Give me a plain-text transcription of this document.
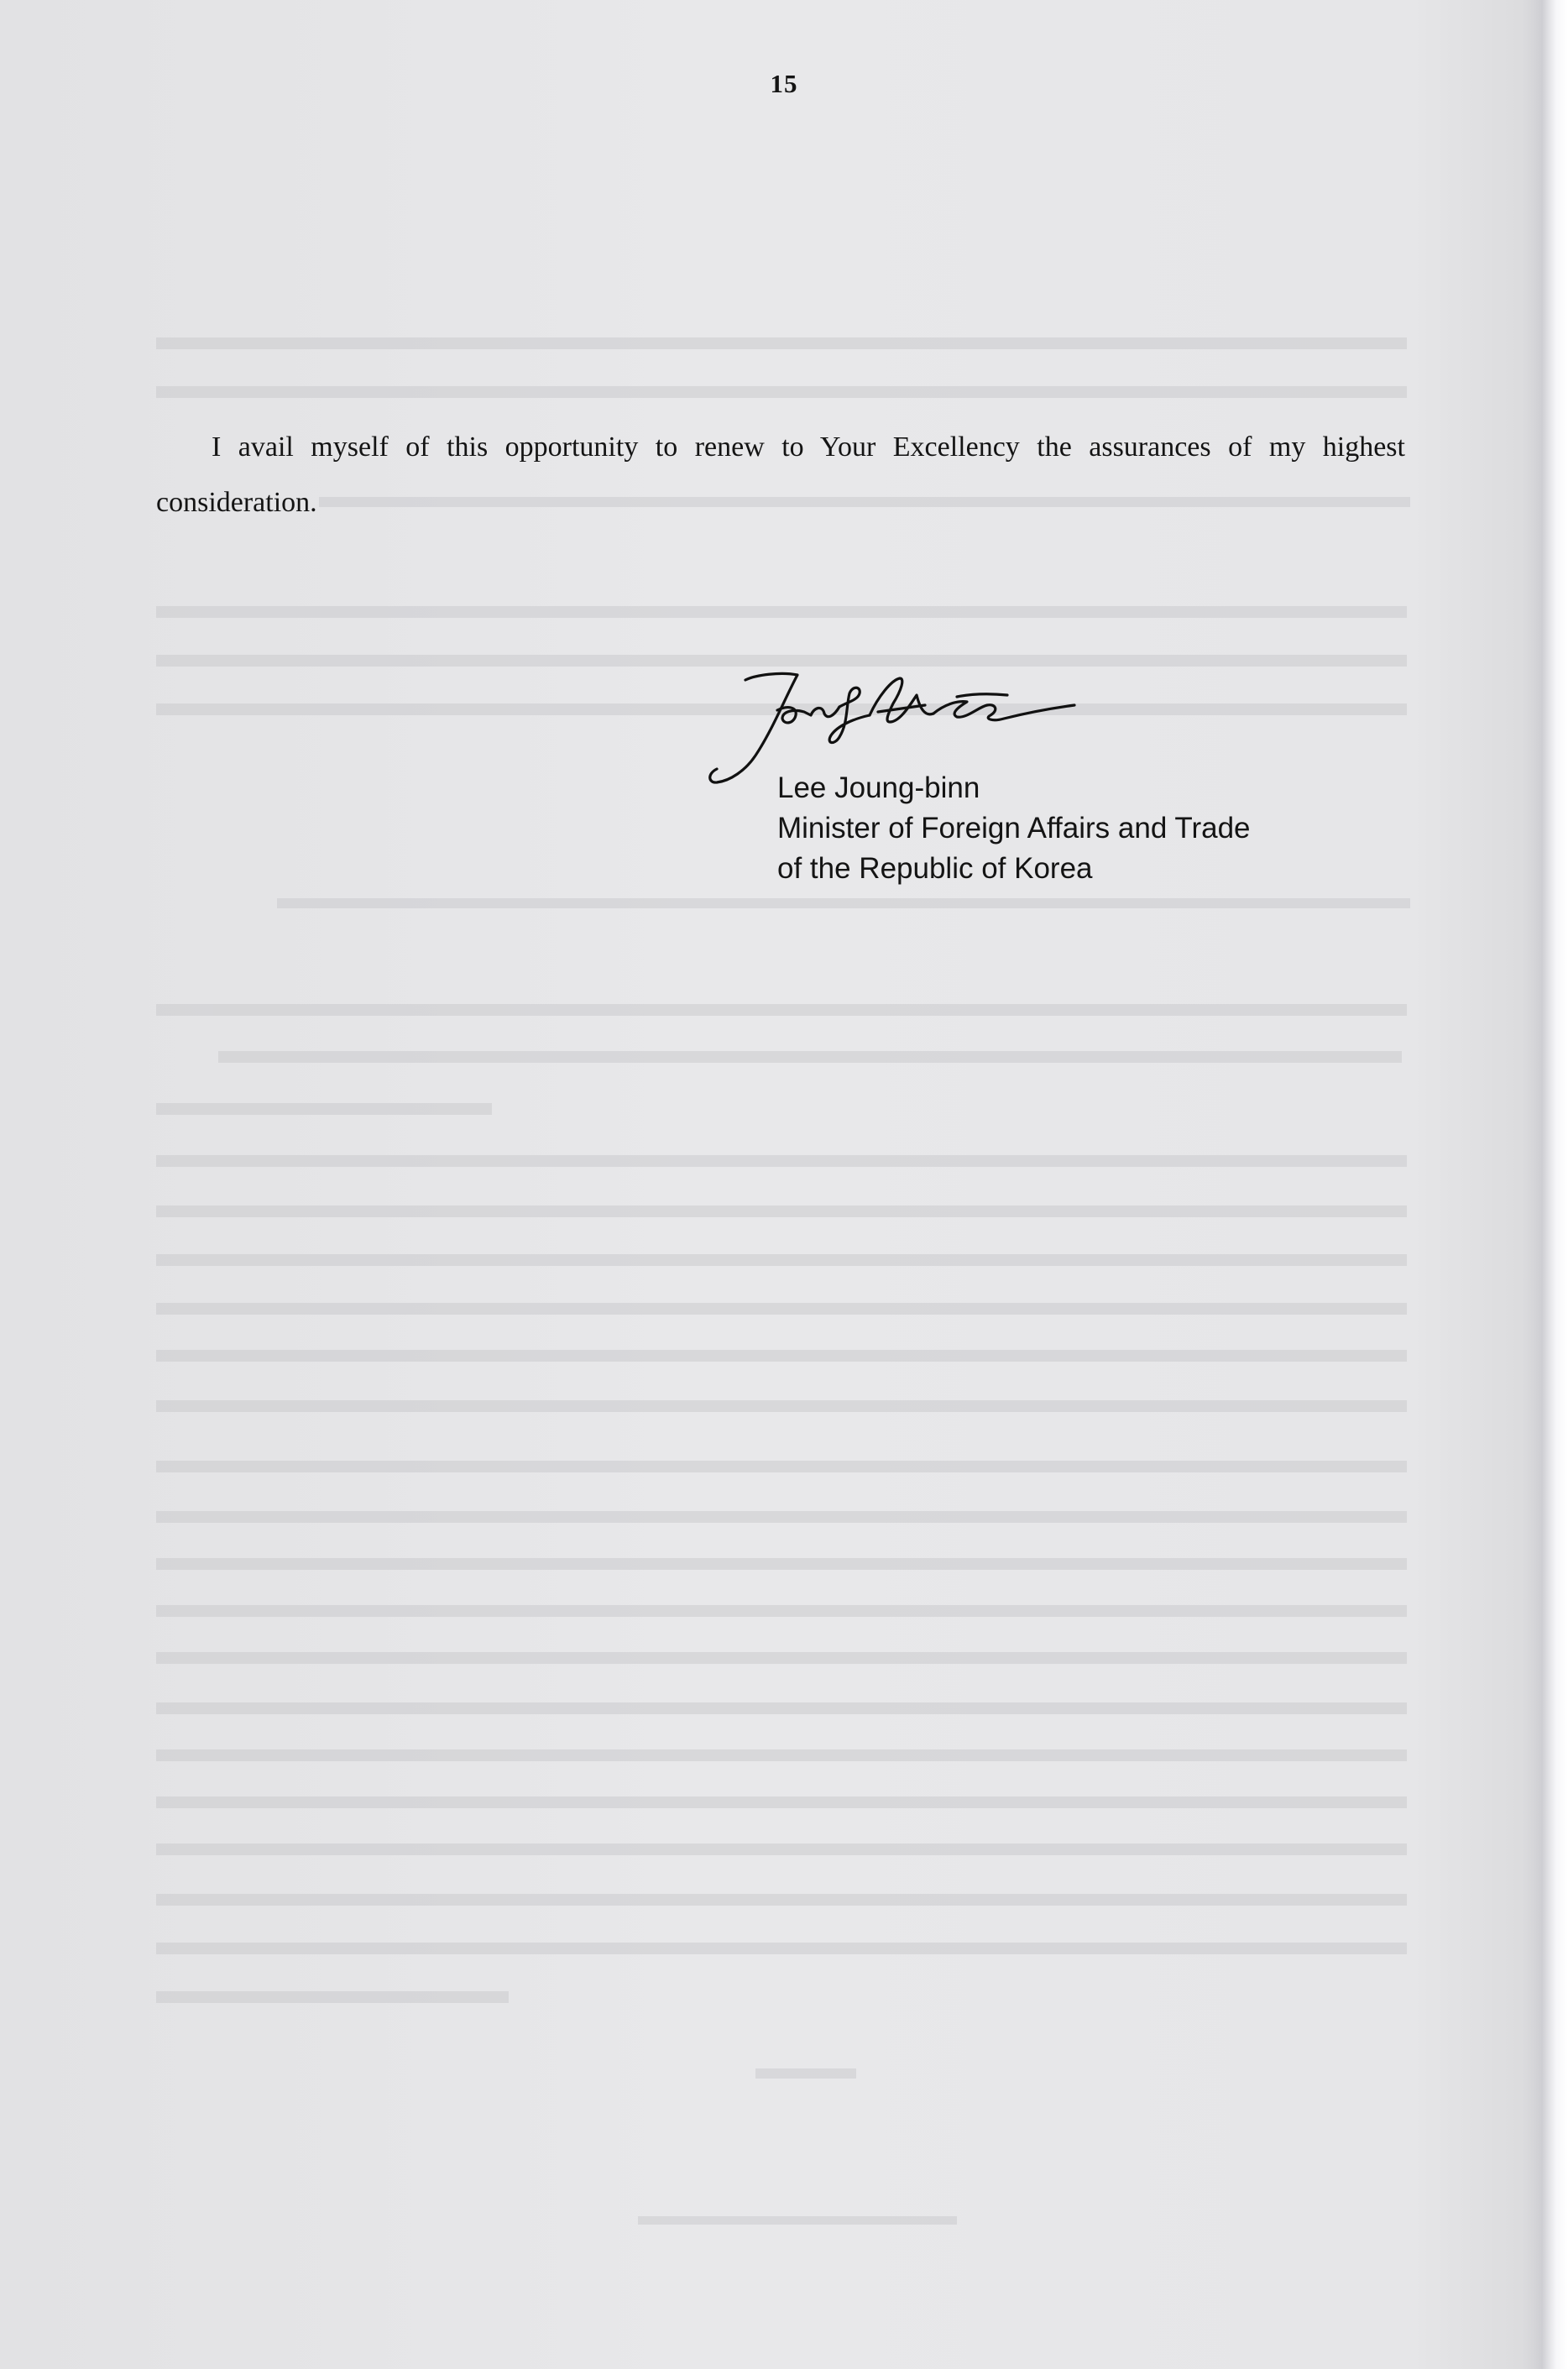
15

I avail myself of this opportunity to renew to Your Excellency the assurances of my highest consideration.

Lee Joung-binn
Minister of Foreign Affairs and Trade
of the Republic of Korea
